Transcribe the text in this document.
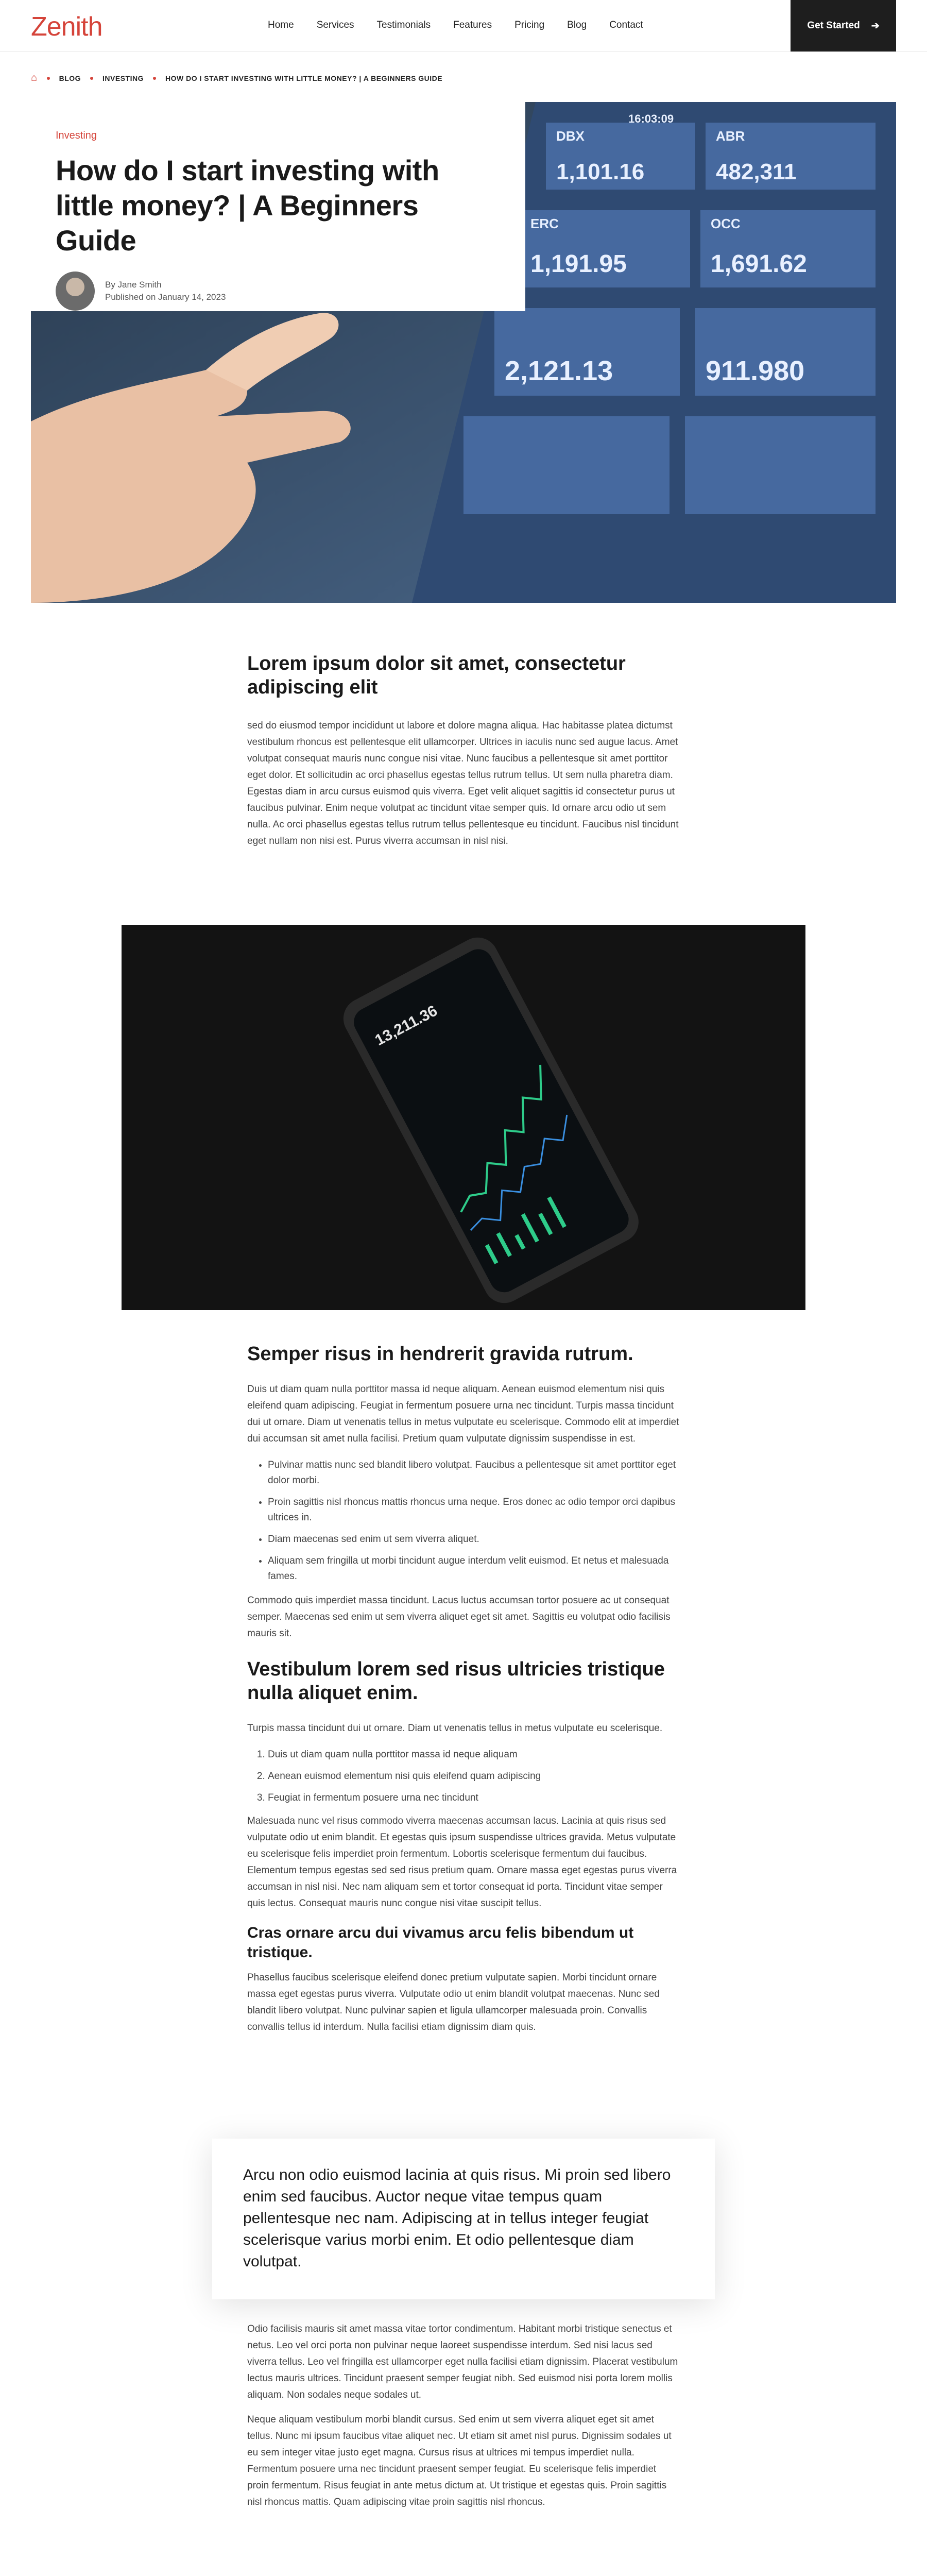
Zenith	Home Services Testimonials Features Pricing Blog Contact	Get Started ➔
⌂	BLOG	INVESTING	HOW DO I START INVESTING WITH LITTLE MONEY? | A BEGINNERS GUIDE
16:03:09
DBX	ABR
ERC	OCC
1,101.16	482,311
1,191.95	1,691.62
2,121.13	911.980
Investing
How do I start investing with little money? | A Beginners Guide
By Jane Smith
Published on January 14, 2023
Lorem ipsum dolor sit amet, consectetur adipiscing elit
sed do eiusmod tempor incididunt ut labore et dolore magna aliqua. Hac habitasse platea dictumst vestibulum rhoncus est pellentesque elit ullamcorper. Ultrices in iaculis nunc sed augue lacus. Amet volutpat consequat mauris nunc congue nisi vitae. Nunc faucibus a pellentesque sit amet porttitor eget dolor. Et sollicitudin ac orci phasellus egestas tellus rutrum tellus. Ut sem nulla pharetra diam. Egestas diam in arcu cursus euismod quis viverra. Eget velit aliquet sagittis id consectetur purus ut faucibus pulvinar. Enim neque volutpat ac tincidunt vitae semper quis. Id ornare arcu odio ut sem nulla. Ac orci phasellus egestas tellus rutrum tellus pellentesque eu tincidunt. Faucibus nisl tincidunt eget nullam non nisi est. Purus viverra accumsan in nisl nisi.
13,211.36
Semper risus in hendrerit gravida rutrum.
Duis ut diam quam nulla porttitor massa id neque aliquam. Aenean euismod elementum nisi quis eleifend quam adipiscing. Feugiat in fermentum posuere urna nec tincidunt. Turpis massa tincidunt dui ut ornare. Diam ut venenatis tellus in metus vulputate eu scelerisque. Commodo elit at imperdiet dui accumsan sit amet nulla facilisi. Pretium quam vulputate dignissim suspendisse in est.
• Pulvinar mattis nunc sed blandit libero volutpat. Faucibus a pellentesque sit amet porttitor eget dolor morbi.
• Proin sagittis nisl rhoncus mattis rhoncus urna neque. Eros donec ac odio tempor orci dapibus ultrices in.
• Diam maecenas sed enim ut sem viverra aliquet.
• Aliquam sem fringilla ut morbi tincidunt augue interdum velit euismod. Et netus et malesuada fames.
Commodo quis imperdiet massa tincidunt. Lacus luctus accumsan tortor posuere ac ut consequat semper. Maecenas sed enim ut sem viverra aliquet eget sit amet. Sagittis eu volutpat odio facilisis mauris sit.
Vestibulum lorem sed risus ultricies tristique nulla aliquet enim.
Turpis massa tincidunt dui ut ornare. Diam ut venenatis tellus in metus vulputate eu scelerisque.
1. Duis ut diam quam nulla porttitor massa id neque aliquam
2. Aenean euismod elementum nisi quis eleifend quam adipiscing
3. Feugiat in fermentum posuere urna nec tincidunt
Malesuada nunc vel risus commodo viverra maecenas accumsan lacus. Lacinia at quis risus sed vulputate odio ut enim blandit. Et egestas quis ipsum suspendisse ultrices gravida. Metus vulputate eu scelerisque felis imperdiet proin fermentum. Lobortis scelerisque fermentum dui faucibus. Elementum tempus egestas sed sed risus pretium quam. Ornare massa eget egestas purus viverra accumsan in nisl nisi. Nec nam aliquam sem et tortor consequat id porta. Tincidunt vitae semper quis lectus. Consequat mauris nunc congue nisi vitae suscipit tellus.
Cras ornare arcu dui vivamus arcu felis bibendum ut tristique.
Phasellus faucibus scelerisque eleifend donec pretium vulputate sapien. Morbi tincidunt ornare massa eget egestas purus viverra. Vulputate odio ut enim blandit volutpat maecenas. Nunc sed blandit libero volutpat. Nunc pulvinar sapien et ligula ullamcorper malesuada proin. Convallis convallis tellus id interdum. Nulla facilisi etiam dignissim diam quis.
Arcu non odio euismod lacinia at quis risus. Mi proin sed libero enim sed faucibus. Auctor neque vitae tempus quam pellentesque nec nam. Adipiscing at in tellus integer feugiat scelerisque varius morbi enim. Et odio pellentesque diam volutpat.
Odio facilisis mauris sit amet massa vitae tortor condimentum. Habitant morbi tristique senectus et netus. Leo vel orci porta non pulvinar neque laoreet suspendisse interdum. Sed nisi lacus sed viverra tellus. Leo vel fringilla est ullamcorper eget nulla facilisi etiam dignissim. Placerat vestibulum lectus mauris ultrices. Tincidunt praesent semper feugiat nibh. Sed euismod nisi porta lorem mollis aliquam. Non sodales neque sodales ut.
Neque aliquam vestibulum morbi blandit cursus. Sed enim ut sem viverra aliquet eget sit amet tellus. Nunc mi ipsum faucibus vitae aliquet nec. Ut etiam sit amet nisl purus. Dignissim sodales ut eu sem integer vitae justo eget magna. Cursus risus at ultrices mi tempus imperdiet nulla. Fermentum posuere urna nec tincidunt praesent semper feugiat. Eu scelerisque felis imperdiet proin fermentum. Risus feugiat in ante metus dictum at. Ut tristique et egestas quis. Proin sagittis nisl rhoncus mattis. Quam adipiscing vitae proin sagittis nisl rhoncus.
